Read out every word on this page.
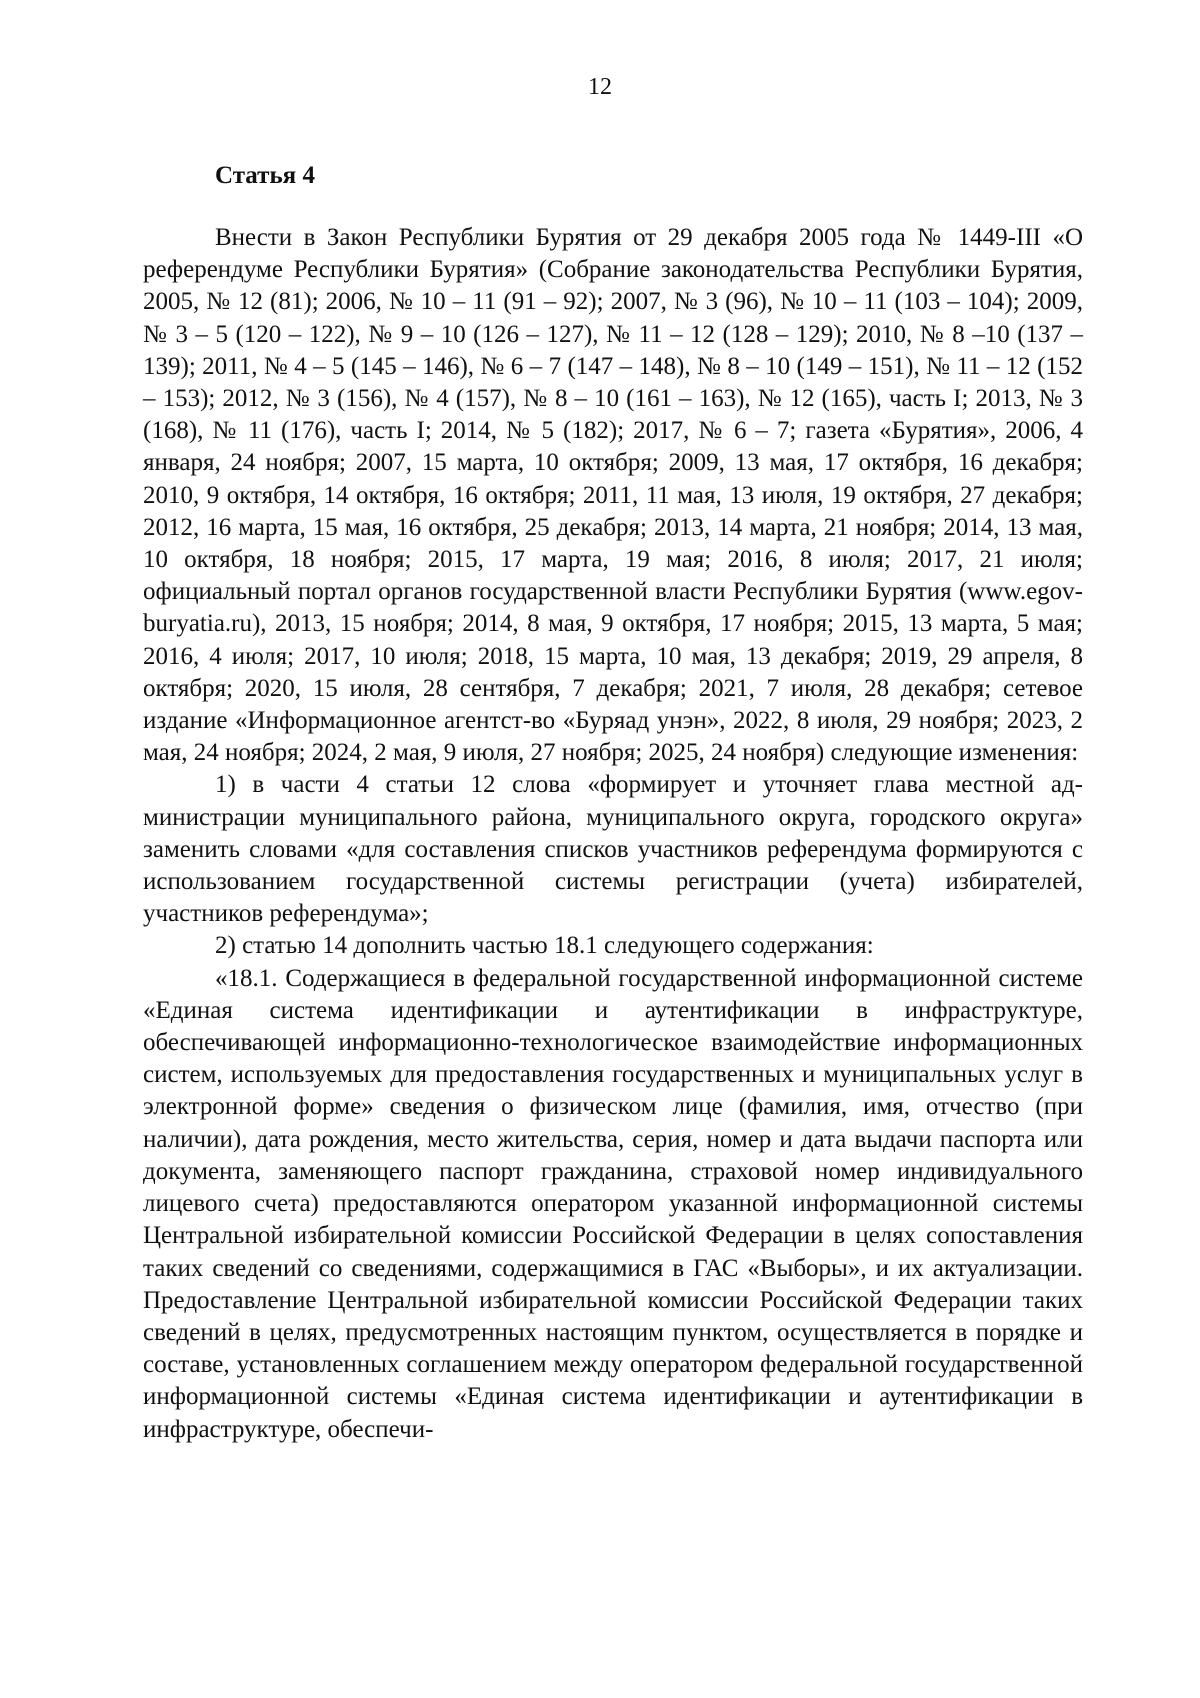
12
Статья 4

Внести в Закон Республики Бурятия от 29 декабря 2005 года № 1449-III «О референдуме Республики Бурятия» (Собрание законодательства Республики Бурятия, 2005, № 12 (81); 2006, № 10 – 11 (91 – 92); 2007, № 3 (96), № 10 – 11 (103 – 104); 2009, № 3 – 5 (120 – 122), № 9 – 10 (126 – 127), № 11 – 12 (128 – 129); 2010, № 8 –10 (137 – 139); 2011, № 4 – 5 (145 – 146), № 6 – 7 (147 – 148), № 8 – 10 (149 – 151), № 11 – 12 (152 – 153); 2012, № 3 (156), № 4 (157), № 8 – 10 (161 – 163), № 12 (165), часть I; 2013, № 3 (168), № 11 (176), часть I; 2014, № 5 (182); 2017, № 6 – 7; газета «Бурятия», 2006, 4 января, 24 ноября; 2007, 15 марта, 10 октября; 2009, 13 мая, 17 октября, 16 декабря; 2010, 9 октября, 14 октября, 16 октября; 2011, 11 мая, 13 июля, 19 октября, 27 декабря; 2012, 16 марта, 15 мая, 16 октября, 25 декабря; 2013, 14 марта, 21 ноября; 2014, 13 мая, 10 октября, 18 ноября; 2015, 17 марта, 19 мая; 2016, 8 июля; 2017, 21 июля; официальный портал органов государственной власти Республики Бурятия (www.egov-buryatia.ru), 2013, 15 ноября; 2014, 8 мая, 9 октября, 17 ноября; 2015, 13 марта, 5 мая; 2016, 4 июля; 2017, 10 июля; 2018, 15 марта, 10 мая, 13 декабря; 2019, 29 апреля, 8 октября; 2020, 15 июля, 28 сентября, 7 декабря; 2021, 7 июля, 28 декабря; сетевое издание «Информационное агентст-во «Буряад унэн», 2022, 8 июля, 29 ноября; 2023, 2 мая, 24 ноября; 2024, 2 мая, 9 июля, 27 ноября; 2025, 24 ноября) следующие изменения:

1) в части 4 статьи 12 слова «формирует и уточняет глава местной администрации муниципального района, муниципального округа, городского округа» заменить словами «для составления списков участников референдума формируются с использованием государственной системы регистрации (учета) избирателей, участников референдума»;

2) статью 14 дополнить частью 18.1 следующего содержания:

«18.1. Содержащиеся в федеральной государственной информационной системе «Единая система идентификации и аутентификации в инфраструктуре, обеспечивающей информационно-технологическое взаимодействие информационных систем, используемых для предоставления государственных и муниципальных услуг в электронной форме» сведения о физическом лице (фамилия, имя, отчество (при наличии), дата рождения, место жительства, серия, номер и дата выдачи паспорта или документа, заменяющего паспорт гражданина, страховой номер индивидуального лицевого счета) предоставляются оператором указанной информационной системы Центральной избирательной комиссии Российской Федерации в целях сопоставления таких сведений со сведениями, содержащимися в ГАС «Выборы», и их актуализации. Предоставление Центральной избирательной комиссии Российской Федерации таких сведений в целях, предусмотренных настоящим пунктом, осуществляется в порядке и составе, установленных соглашением между оператором федеральной государственной информационной системы «Единая система идентификации и аутентификации в инфраструктуре, обеспечи-
